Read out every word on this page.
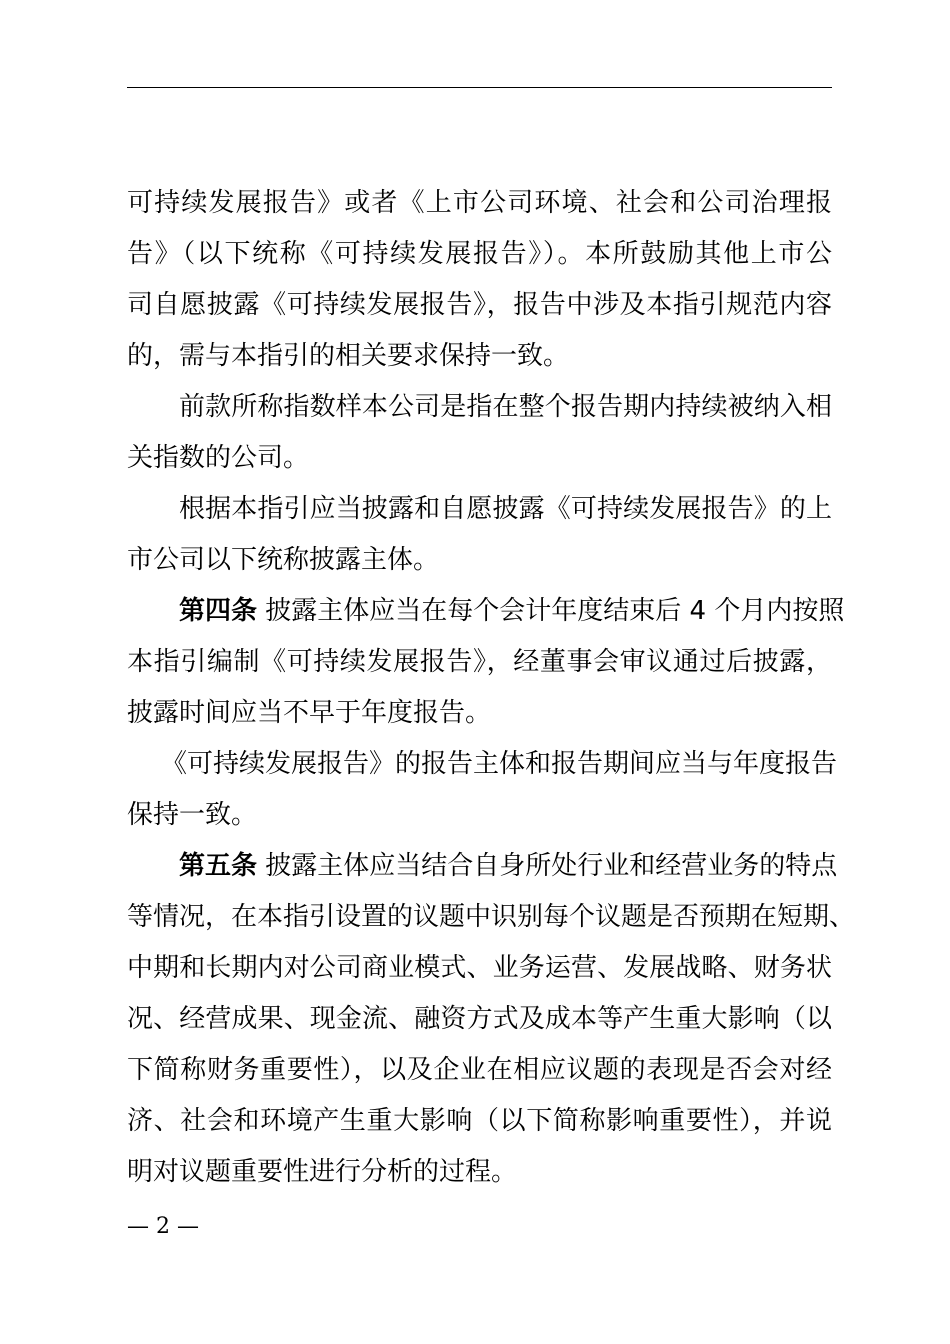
可持续发展报告》或者《上市公司环境、社会和公司治理报
告》（以下统称《可持续发展报告》）。本所鼓励其他上市公
司自愿披露《可持续发展报告》，报告中涉及本指引规范内容
的，需与本指引的相关要求保持一致。
前款所称指数样本公司是指在整个报告期内持续被纳入相
关指数的公司。
根据本指引应当披露和自愿披露《可持续发展报告》的上
市公司以下统称披露主体。
第四条 披露主体应当在每个会计年度结束后 4 个月内按照
本指引编制《可持续发展报告》，经董事会审议通过后披露，
披露时间应当不早于年度报告。
《可持续发展报告》的报告主体和报告期间应当与年度报告
保持一致。
第五条 披露主体应当结合自身所处行业和经营业务的特点
等情况，在本指引设置的议题中识别每个议题是否预期在短期、
中期和长期内对公司商业模式、业务运营、发展战略、财务状
况、经营成果、现金流、融资方式及成本等产生重大影响（以
下简称财务重要性），以及企业在相应议题的表现是否会对经
济、社会和环境产生重大影响（以下简称影响重要性），并说
明对议题重要性进行分析的过程。
— 2 —
